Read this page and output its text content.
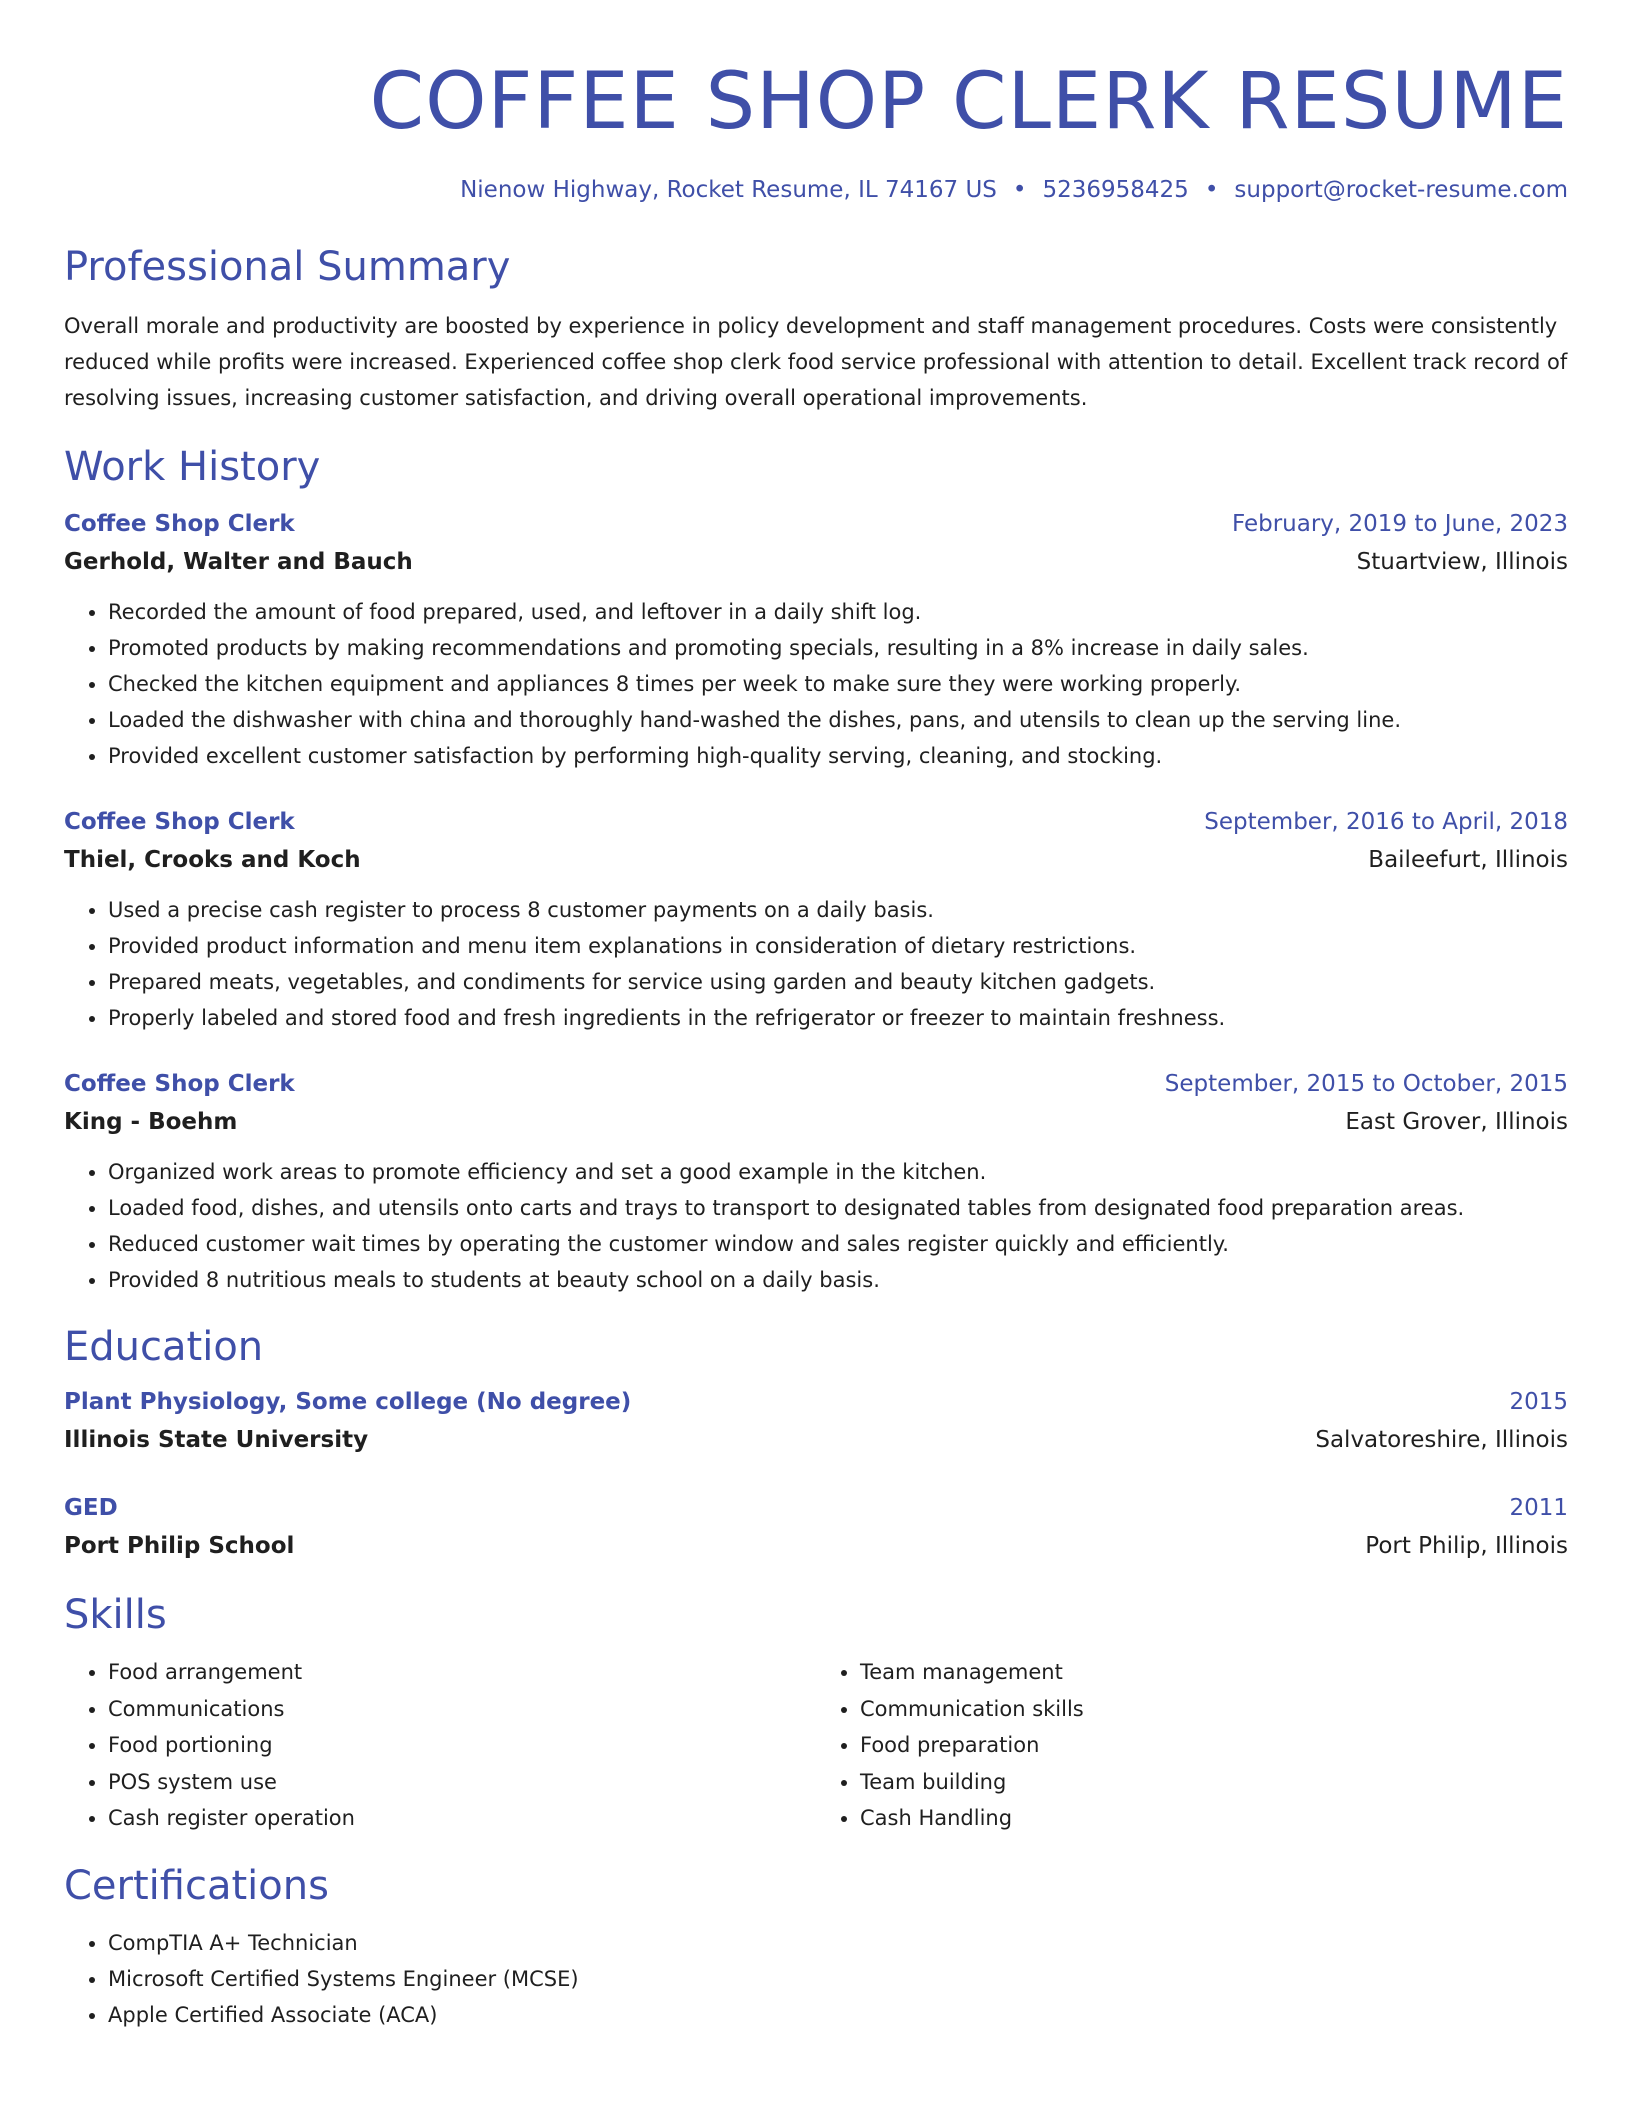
COFFEE SHOP CLERK RESUME
Nienow Highway, Rocket Resume, IL 74167 US • 5236958425 • support@rocket-resume.com
Professional Summary
Overall morale and productivity are boosted by experience in policy development and staff management procedures. Costs were consistently reduced while profits were increased. Experienced coffee shop clerk food service professional with attention to detail. Excellent track record of resolving issues, increasing customer satisfaction, and driving overall operational improvements.
Work History
Coffee Shop Clerk	February, 2019 to June, 2023
Gerhold, Walter and Bauch	Stuartview, Illinois
• Recorded the amount of food prepared, used, and leftover in a daily shift log.
• Promoted products by making recommendations and promoting specials, resulting in a 8% increase in daily sales.
• Checked the kitchen equipment and appliances 8 times per week to make sure they were working properly.
• Loaded the dishwasher with china and thoroughly hand-washed the dishes, pans, and utensils to clean up the serving line.
• Provided excellent customer satisfaction by performing high-quality serving, cleaning, and stocking.
Coffee Shop Clerk	September, 2016 to April, 2018
Thiel, Crooks and Koch	Baileefurt, Illinois
• Used a precise cash register to process 8 customer payments on a daily basis.
• Provided product information and menu item explanations in consideration of dietary restrictions.
• Prepared meats, vegetables, and condiments for service using garden and beauty kitchen gadgets.
• Properly labeled and stored food and fresh ingredients in the refrigerator or freezer to maintain freshness.
Coffee Shop Clerk	September, 2015 to October, 2015
King - Boehm	East Grover, Illinois
• Organized work areas to promote efficiency and set a good example in the kitchen.
• Loaded food, dishes, and utensils onto carts and trays to transport to designated tables from designated food preparation areas.
• Reduced customer wait times by operating the customer window and sales register quickly and efficiently.
• Provided 8 nutritious meals to students at beauty school on a daily basis.
Education
Plant Physiology, Some college (No degree)	2015
Illinois State University	Salvatoreshire, Illinois
GED	2011
Port Philip School	Port Philip, Illinois
Skills
• Food arrangement
• Communications
• Food portioning
• POS system use
• Cash register operation
• Team management
• Communication skills
• Food preparation
• Team building
• Cash Handling
Certifications
• CompTIA A+ Technician
• Microsoft Certified Systems Engineer (MCSE)
• Apple Certified Associate (ACA)
